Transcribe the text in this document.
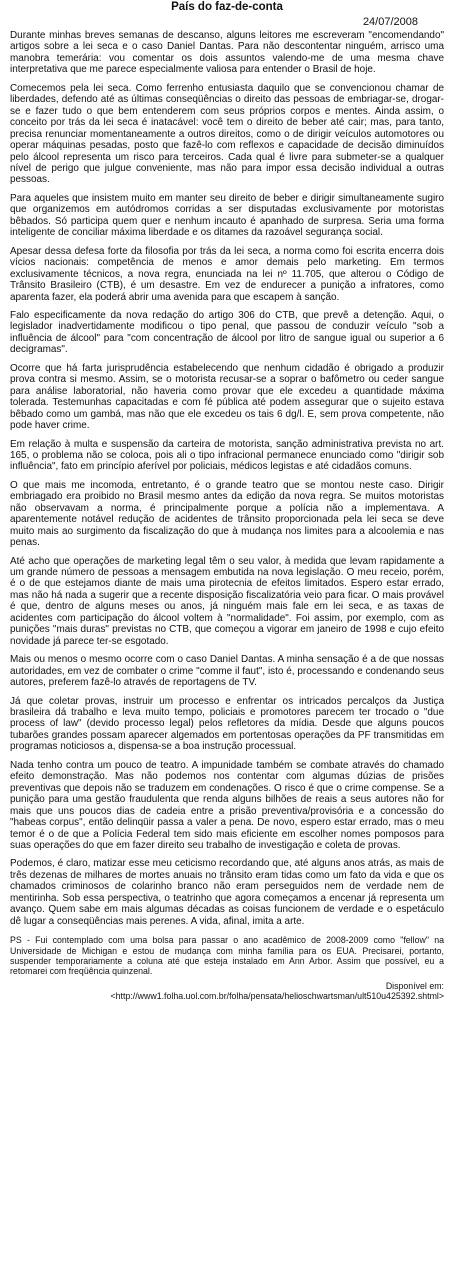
País do faz-de-conta
24/07/2008

Durante minhas breves semanas de descanso, alguns leitores me escreveram "encomendando" artigos sobre a lei seca e o caso Daniel Dantas. Para não descontentar ninguém, arrisco uma manobra temerária: vou comentar os dois assuntos valendo-me de uma mesma chave interpretativa que me parece especialmente valiosa para entender o Brasil de hoje.

Comecemos pela lei seca. Como ferrenho entusiasta daquilo que se convencionou chamar de liberdades, defendo até as últimas conseqüências o direito das pessoas de embriagar-se, drogar-se e fazer tudo o que bem entenderem com seus próprios corpos e mentes. Ainda assim, o conceito por trás da lei seca é inatacável: você tem o direito de beber até cair; mas, para tanto, precisa renunciar momentaneamente a outros direitos, como o de dirigir veículos automotores ou operar máquinas pesadas, posto que fazê-lo com reflexos e capacidade de decisão diminuídos pelo álcool representa um risco para terceiros. Cada qual é livre para submeter-se a qualquer nível de perigo que julgue conveniente, mas não para impor essa decisão individual a outras pessoas.

Para aqueles que insistem muito em manter seu direito de beber e dirigir simultaneamente sugiro que organizemos em autódromos corridas a ser disputadas exclusivamente por motoristas bêbados. Só participa quem quer e nenhum incauto é apanhado de surpresa. Seria uma forma inteligente de conciliar máxima liberdade e os ditames da razoável segurança social.

Apesar dessa defesa forte da filosofia por trás da lei seca, a norma como foi escrita encerra dois vícios nacionais: competência de menos e amor demais pelo marketing. Em termos exclusivamente técnicos, a nova regra, enunciada na lei nº 11.705, que alterou o Código de Trânsito Brasileiro (CTB), é um desastre. Em vez de endurecer a punição a infratores, como aparenta fazer, ela poderá abrir uma avenida para que escapem à sanção.

Falo especificamente da nova redação do artigo 306 do CTB, que prevê a detenção. Aqui, o legislador inadvertidamente modificou o tipo penal, que passou de conduzir veículo "sob a influência de álcool" para "com concentração de álcool por litro de sangue igual ou superior a 6 decigramas".

Ocorre que há farta jurisprudência estabelecendo que nenhum cidadão é obrigado a produzir prova contra si mesmo. Assim, se o motorista recusar-se a soprar o bafômetro ou ceder sangue para análise laboratorial, não haveria como provar que ele excedeu a quantidade máxima tolerada. Testemunhas capacitadas e com fé pública até podem assegurar que o sujeito estava bêbado como um gambá, mas não que ele excedeu os tais 6 dg/l. E, sem prova competente, não pode haver crime.

Em relação à multa e suspensão da carteira de motorista, sanção administrativa prevista no art. 165, o problema não se coloca, pois ali o tipo infracional permanece enunciado como "dirigir sob influência", fato em princípio aferível por policiais, médicos legistas e até cidadãos comuns.

O que mais me incomoda, entretanto, é o grande teatro que se montou neste caso. Dirigir embriagado era proibido no Brasil mesmo antes da edição da nova regra. Se muitos motoristas não observavam a norma, é principalmente porque a polícia não a implementava. A aparentemente notável redução de acidentes de trânsito proporcionada pela lei seca se deve muito mais ao surgimento da fiscalização do que à mudança nos limites para a alcoolemia e nas penas.

Até acho que operações de marketing legal têm o seu valor, à medida que levam rapidamente a um grande número de pessoas a mensagem embutida na nova legislação. O meu receio, porém, é o de que estejamos diante de mais uma pirotecnia de efeitos limitados. Espero estar errado, mas não há nada a sugerir que a recente disposição fiscalizatória veio para ficar. O mais provável é que, dentro de alguns meses ou anos, já ninguém mais fale em lei seca, e as taxas de acidentes com participação do álcool voltem à "normalidade". Foi assim, por exemplo, com as punições "mais duras" previstas no CTB, que começou a vigorar em janeiro de 1998 e cujo efeito novidade já parece ter-se esgotado.

Mais ou menos o mesmo ocorre com o caso Daniel Dantas. A minha sensação é a de que nossas autoridades, em vez de combater o crime "comme il faut", isto é, processando e condenando seus autores, preferem fazê-lo através de reportagens de TV.

Já que coletar provas, instruir um processo e enfrentar os intricados percalços da Justiça brasileira dá trabalho e leva muito tempo, policiais e promotores parecem ter trocado o "due process of law" (devido processo legal) pelos refletores da mídia. Desde que alguns poucos tubarões grandes possam aparecer algemados em portentosas operações da PF transmitidas em programas noticiosos a, dispensa-se a boa instrução processual.

Nada tenho contra um pouco de teatro. A impunidade também se combate através do chamado efeito demonstração. Mas não podemos nos contentar com algumas dúzias de prisões preventivas que depois não se traduzem em condenações. O risco é que o crime compense. Se a punição para uma gestão fraudulenta que renda alguns bilhões de reais a seus autores não for mais que uns poucos dias de cadeia entre a prisão preventiva/provisória e a concessão do "habeas corpus", então delinqüir passa a valer a pena. De novo, espero estar errado, mas o meu temor é o de que a Polícia Federal tem sido mais eficiente em escolher nomes pomposos para suas operações do que em fazer direito seu trabalho de investigação e coleta de provas.

Podemos, é claro, matizar esse meu ceticismo recordando que, até alguns anos atrás, as mais de três dezenas de milhares de mortes anuais no trânsito eram tidas como um fato da vida e que os chamados criminosos de colarinho branco não eram perseguidos nem de verdade nem de mentirinha. Sob essa perspectiva, o teatrinho que agora começamos a encenar já representa um avanço. Quem sabe em mais algumas décadas as coisas funcionem de verdade e o espetáculo dê lugar a conseqüências mais perenes. A vida, afinal, imita a arte.

PS - Fui contemplado com uma bolsa para passar o ano acadêmico de 2008-2009 como "fellow" na Universidade de Michigan e estou de mudança com minha família para os EUA. Precisarei, portanto, suspender temporariamente a coluna até que esteja instalado em Ann Arbor. Assim que possível, eu a retomarei com freqüência quinzenal.

Disponível em:
<http://www1.folha.uol.com.br/folha/pensata/helioschwartsman/ult510u425392.shtml>
